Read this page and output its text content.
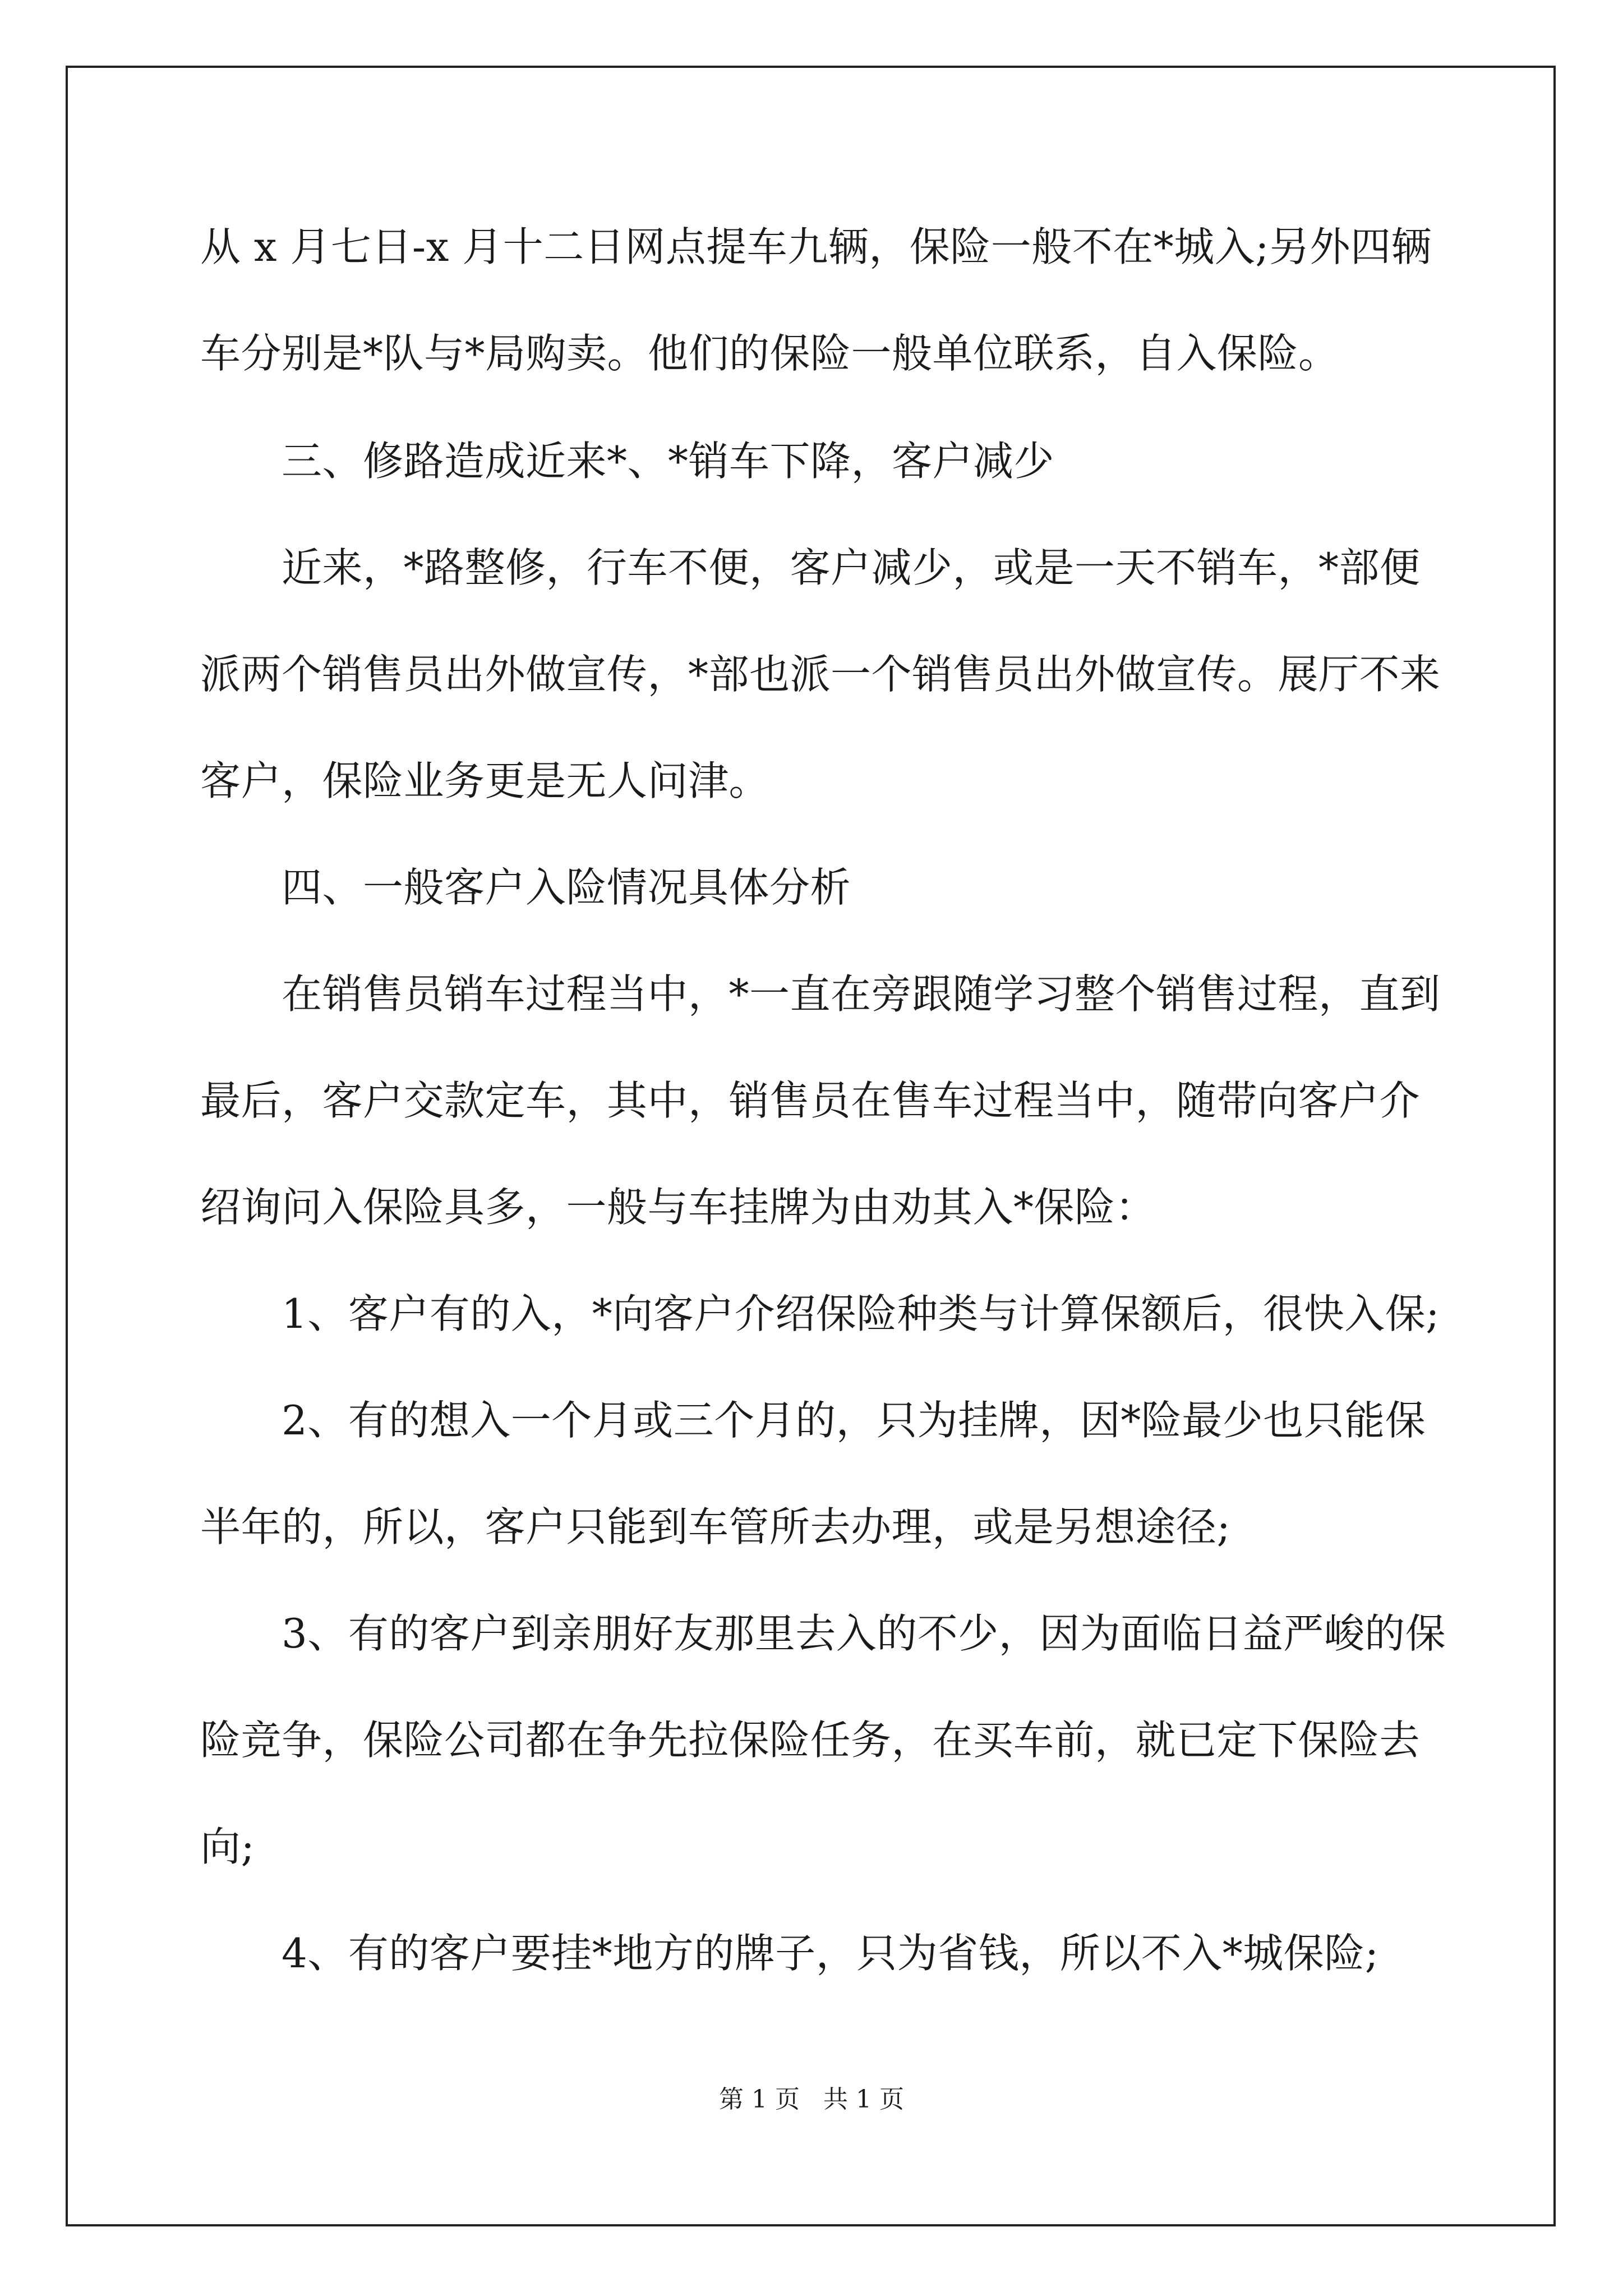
从 x 月七日-x 月十二日网点提车九辆，保险一般不在*城入;另外四辆
车分别是*队与*局购卖。他们的保险一般单位联系，自入保险。
三、修路造成近来*、*销车下降，客户减少
近来，*路整修，行车不便，客户减少，或是一天不销车，*部便
派两个销售员出外做宣传，*部也派一个销售员出外做宣传。展厅不来
客户，保险业务更是无人问津。
四、一般客户入险情况具体分析
在销售员销车过程当中，*一直在旁跟随学习整个销售过程，直到
最后，客户交款定车，其中，销售员在售车过程当中，随带向客户介
绍询问入保险具多，一般与车挂牌为由劝其入*保险：
1、客户有的入，*向客户介绍保险种类与计算保额后，很快入保;
2、有的想入一个月或三个月的，只为挂牌，因*险最少也只能保
半年的，所以，客户只能到车管所去办理，或是另想途径;
3、有的客户到亲朋好友那里去入的不少，因为面临日益严峻的保
险竞争，保险公司都在争先拉保险任务，在买车前，就已定下保险去
向;
4、有的客户要挂*地方的牌子，只为省钱，所以不入*城保险;
第 1 页   共 1 页
